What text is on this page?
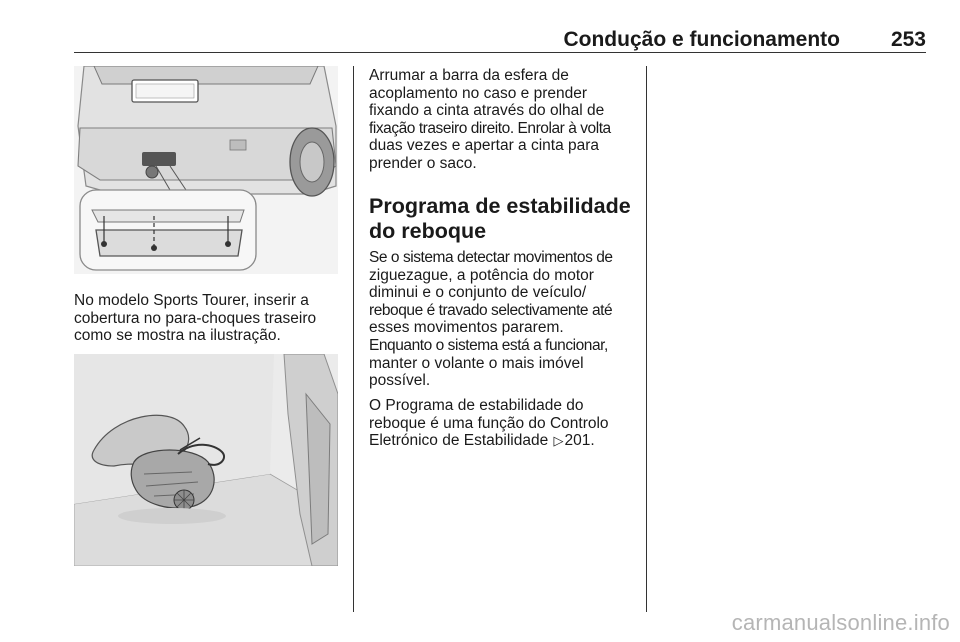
Condução e funcionamento 253

No modelo Sports Tourer, inserir a

cobertura no para-choques traseiro

como se mostra na ilustração.

Arrumar a barra da esfera de

acoplamento no caso e prender

fixando a cinta através do olhal de

fixação traseiro direito. Enrolar à volta

duas vezes e apertar a cinta para

prender o saco.

Programa de estabilidade
do reboque

Se o sistema detectar movimentos de

ziguezague, a potência do motor

diminui e o conjunto de veículo/

reboque é travado selectivamente até

esses movimentos pararem.

Enquanto o sistema está a funcionar,

manter o volante o mais imóvel

possível.

O Programa de estabilidade do

reboque é uma função do Controlo

Eletrónico de Estabilidade ▷201.

carmanualsonline.info
